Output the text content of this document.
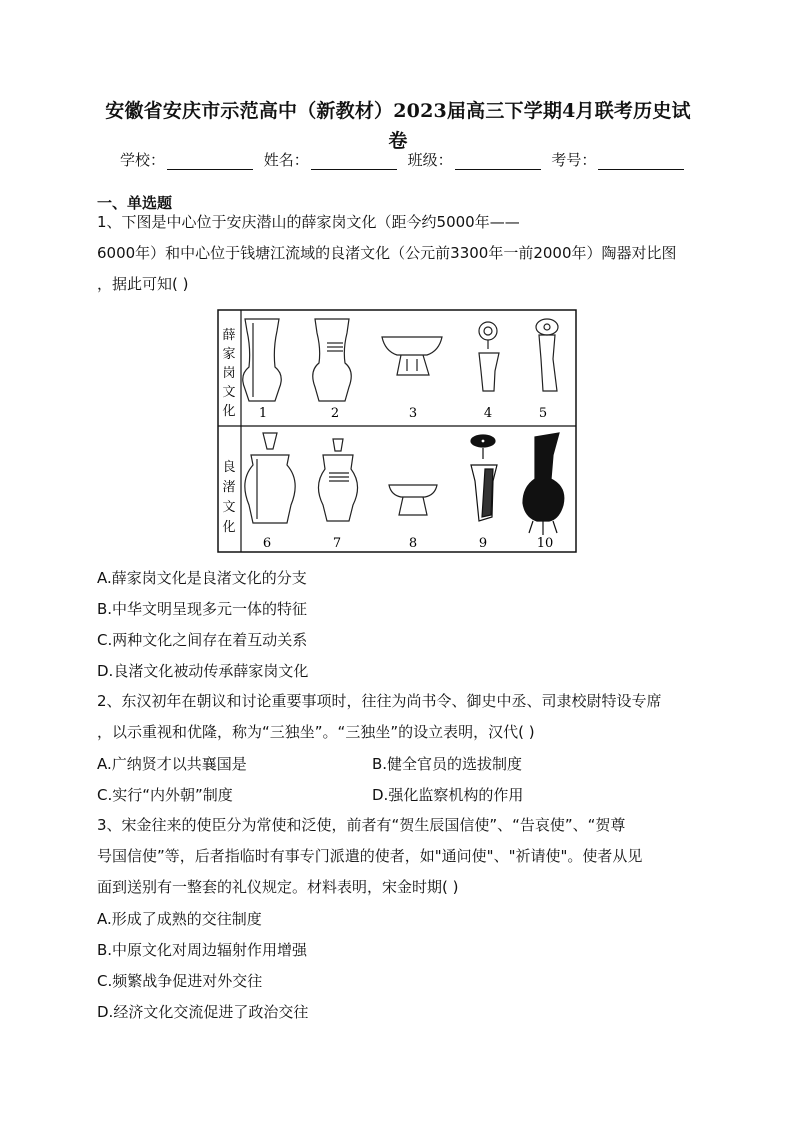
安徽省安庆市示范高中（新教材）2023届高三下学期4月联考历史试
卷
学校：	姓名：	班级：	考号：
一、单选题
1、下图是中心位于安庆潜山的薛家岗文化（距今约5000年——
6000年）和中心位于钱塘江流域的良渚文化（公元前3300年一前2000年）陶器对比图
，据此可知( )
薛
家
岗
文
化
良
渚
文
化
1	2	3	4	5
6	7	8	9	10
A.薛家岗文化是良渚文化的分支
B.中华文明呈现多元一体的特征
C.两种文化之间存在着互动关系
D.良渚文化被动传承薛家岗文化
2、东汉初年在朝议和讨论重要事项时，往往为尚书令、御史中丞、司隶校尉特设专席
，以示重视和优隆，称为“三独坐”。“三独坐”的设立表明，汉代( )
A.广纳贤才以共襄国是	B.健全官员的选拔制度
C.实行“内外朝”制度	D.强化监察机构的作用
3、宋金往来的使臣分为常使和泛使，前者有“贺生辰国信使”、“告哀使”、“贺尊
号国信使”等，后者指临时有事专门派遣的使者，如"通问使"、"祈请使"。使者从见
面到送别有一整套的礼仪规定。材料表明，宋金时期( )
A.形成了成熟的交往制度
B.中原文化对周边辐射作用增强
C.频繁战争促进对外交往
D.经济文化交流促进了政治交往
